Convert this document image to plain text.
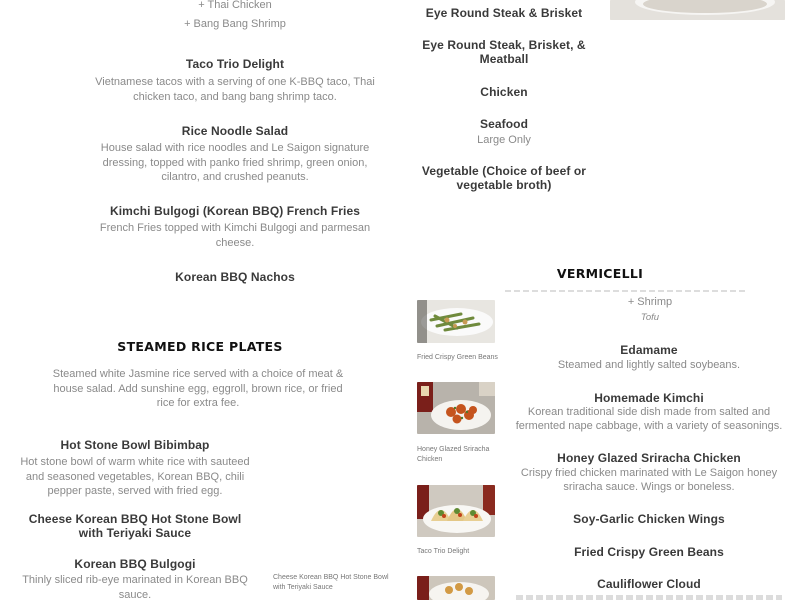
+ Thai Chicken
+ Bang Bang Shrimp
Taco Trio Delight
Vietnamese tacos with a serving of one K-BBQ taco, Thai chicken taco, and bang bang shrimp taco.
Rice Noodle Salad
House salad with rice noodles and Le Saigon signature dressing, topped with panko fried shrimp, green onion, cilantro, and crushed peanuts.
Kimchi Bulgogi (Korean BBQ) French Fries
French Fries topped with Kimchi Bulgogi and parmesan cheese.
Korean BBQ Nachos
STEAMED RICE PLATES
Steamed white Jasmine rice served with a choice of meat & house salad. Add sunshine egg, eggroll, brown rice, or fried rice for extra fee.
Hot Stone Bowl Bibimbap
Hot stone bowl of warm white rice with sauteed and seasoned vegetables, Korean BBQ, chili pepper paste, served with fried egg.
Cheese Korean BBQ Hot Stone Bowl with Teriyaki Sauce
Korean BBQ Bulgogi
Thinly sliced rib-eye marinated in Korean BBQ sauce.
Cheese Korean BBQ Hot Stone Bowl with Teriyaki Sauce
Eye Round Steak & Brisket
Eye Round Steak, Brisket, & Meatball
Chicken
Seafood
Large Only
Vegetable (Choice of beef or vegetable broth)
VERMICELLI
+ Shrimp
Tofu
Edamame
Steamed and lightly salted soybeans.
Homemade Kimchi
Korean traditional side dish made from salted and fermented nape cabbage, with a variety of seasonings.
Honey Glazed Sriracha Chicken
Crispy fried chicken marinated with Le Saigon honey sriracha sauce. Wings or boneless.
Soy-Garlic Chicken Wings
Fried Crispy Green Beans
Cauliflower Cloud
Fried Crispy Green Beans
Honey Glazed Sriracha Chicken
Taco Trio Delight
